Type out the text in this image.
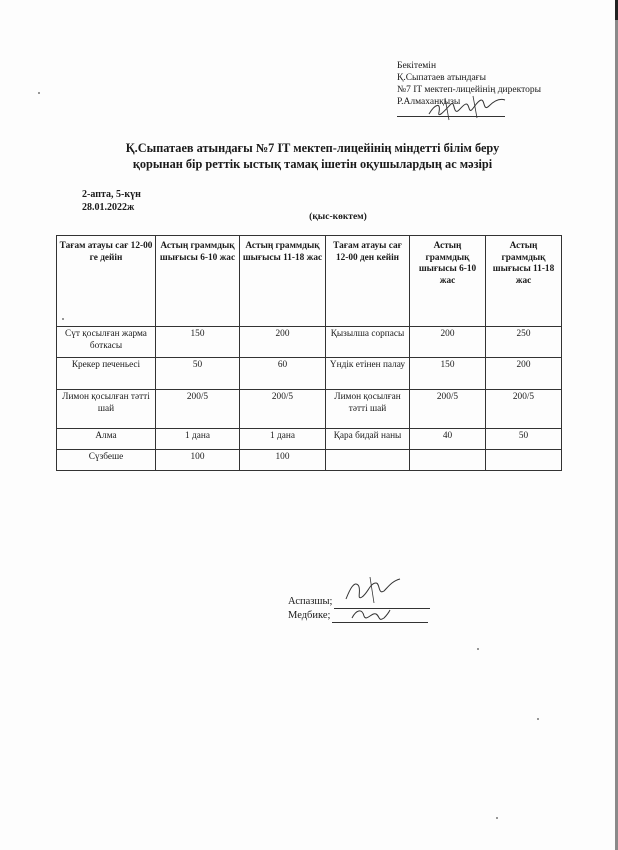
Бекітемін
Қ.Сыпатаев атындағы
№7 IT мектеп-лицейінің директоры
Р.Алмаханқызы
Қ.Сыпатаев атындағы №7 IT мектеп-лицейінің міндетті білім беру
қорынан бір реттік ыстық тамақ ішетін оқушылардың ас мәзірі
2-апта, 5-күн
28.01.2022ж
(қыс-көктем)
Тағам атауы сағ 12-00 ге дейін	Астың граммдық шығысы 6-10 жас	Астың граммдық шығысы 11-18 жас	Тағам атауы сағ 12-00 ден кейін	Астың граммдық шығысы 6-10 жас	Астың граммдық шығысы 11-18 жас
Сүт қосылған жарма боткасы	150	200	Қызылша сорпасы	200	250
Крекер печеньесі	50	60	Үндік етінен палау	150	200
Лимон қосылған тәтті шай	200/5	200/5	Лимон қосылған тәтті шай	200/5	200/5
Алма	1 дана	1 дана	Қара бидай наны	40	50
Сүзбеше	100	100			
Аспазшы;
Медбике;
